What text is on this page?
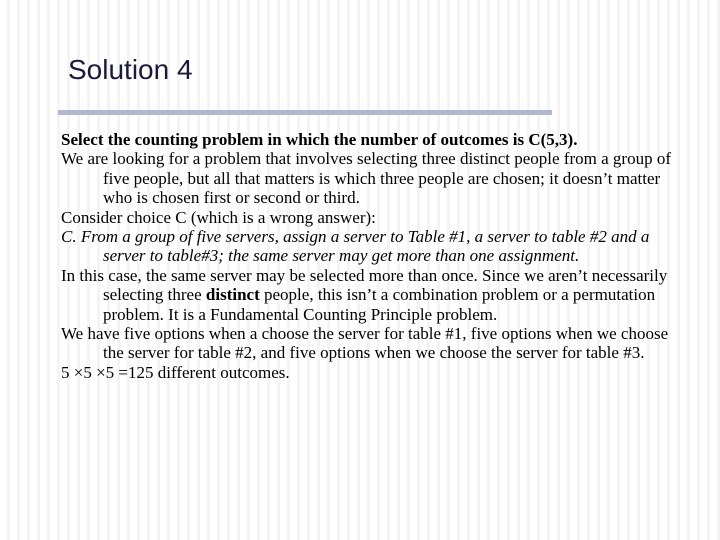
Solution 4

Select the counting problem in which the number of outcomes is C(5,3).

We are looking for a problem that involves selecting three distinct people from a group of five people, but all that matters is which three people are chosen; it doesn’t matter who is chosen first or second or third.

Consider choice C (which is a wrong answer):

C. From a group of five servers, assign a server to Table #1, a server to table #2 and a server to table#3; the same server may get more than one assignment.

In this case, the same server may be selected more than once. Since we aren’t necessarily selecting three distinct people, this isn’t a combination problem or a permutation problem. It is a Fundamental Counting Principle problem.

We have five options when a choose the server for table #1, five options when we choose the server for table #2, and five options when we choose the server for table #3.

5 ×5 ×5 =125 different outcomes.
